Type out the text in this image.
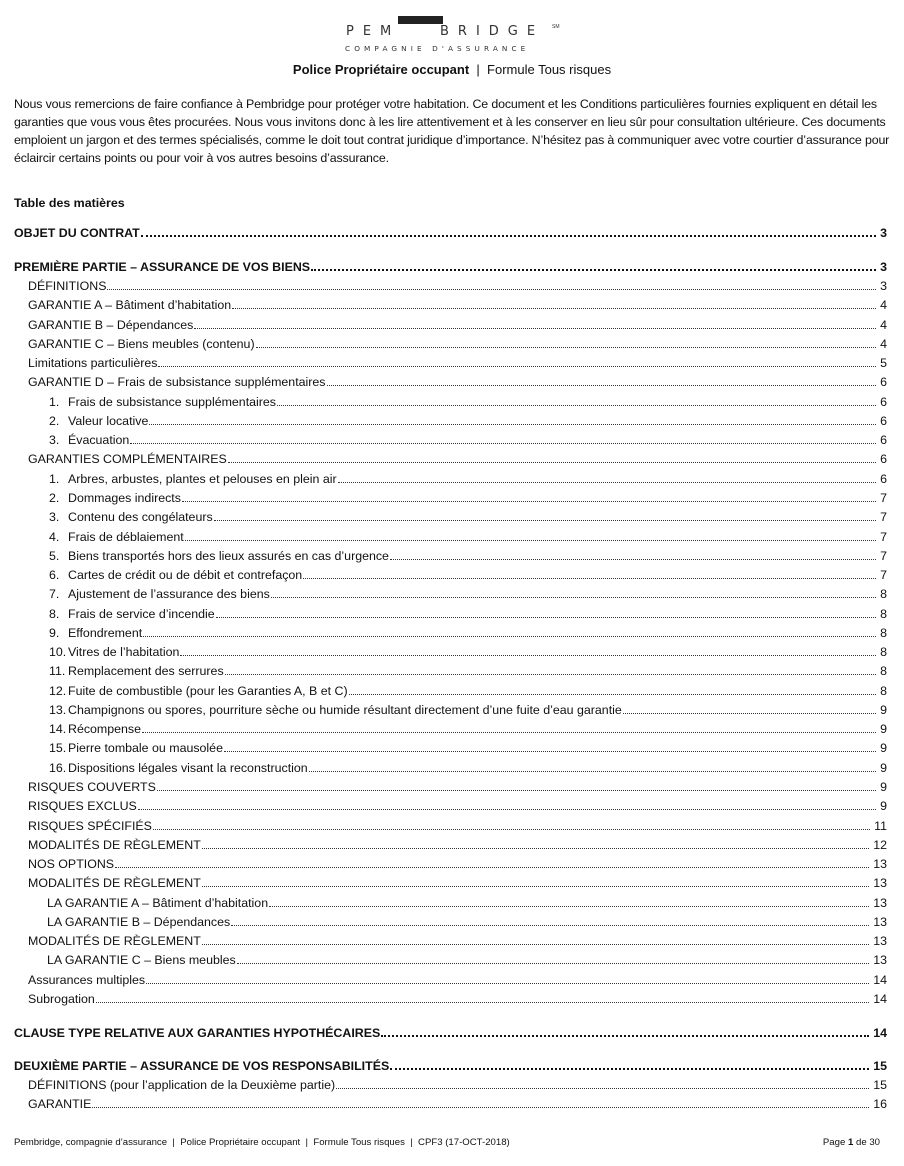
PEM	BRIDGE SM
COMPAGNIE D'ASSURANCE
Police Propriétaire occupant | Formule Tous risques

Nous vous remercions de faire confiance à Pembridge pour protéger votre habitation. Ce document et les Conditions particulières fournies expliquent en détail les garanties que vous vous êtes procurées. Nous vous invitons donc à les lire attentivement et à les conserver en lieu sûr pour consultation ultérieure. Ces documents emploient un jargon et des termes spécialisés, comme le doit tout contrat juridique d’importance. N’hésitez pas à communiquer avec votre courtier d’assurance pour éclaircir certains points ou pour voir à vos autres besoins d’assurance.

Table des matières
OBJET DU CONTRAT	3
PREMIÈRE PARTIE – ASSURANCE DE VOS BIENS	3
DÉFINITIONS	3
GARANTIE A – Bâtiment d’habitation	4
GARANTIE B – Dépendances	4
GARANTIE C – Biens meubles (contenu)	4
Limitations particulières	5
GARANTIE D – Frais de subsistance supplémentaires	6
1. Frais de subsistance supplémentaires	6
2. Valeur locative	6
3. Évacuation	6
GARANTIES COMPLÉMENTAIRES	6
1. Arbres, arbustes, plantes et pelouses en plein air	6
2. Dommages indirects	7
3. Contenu des congélateurs	7
4. Frais de déblaiement	7
5. Biens transportés hors des lieux assurés en cas d’urgence	7
6. Cartes de crédit ou de débit et contrefaçon	7
7. Ajustement de l’assurance des biens	8
8. Frais de service d’incendie	8
9. Effondrement	8
10. Vitres de l’habitation	8
11. Remplacement des serrures	8
12. Fuite de combustible (pour les Garanties A, B et C)	8
13. Champignons ou spores, pourriture sèche ou humide résultant directement d’une fuite d’eau garantie	9
14. Récompense	9
15. Pierre tombale ou mausolée	9
16. Dispositions légales visant la reconstruction	9
RISQUES COUVERTS	9
RISQUES EXCLUS	9
RISQUES SPÉCIFIÉS	11
MODALITÉS DE RÈGLEMENT	12
NOS OPTIONS	13
MODALITÉS DE RÈGLEMENT	13
LA GARANTIE A – Bâtiment d’habitation	13
LA GARANTIE B – Dépendances	13
MODALITÉS DE RÈGLEMENT	13
LA GARANTIE C – Biens meubles	13
Assurances multiples	14
Subrogation	14
CLAUSE TYPE RELATIVE AUX GARANTIES HYPOTHÉCAIRES	14
DEUXIÈME PARTIE – ASSURANCE DE VOS RESPONSABILITÉS	15
DÉFINITIONS (pour l’application de la Deuxième partie)	15
GARANTIE	16
Pembridge, compagnie d’assurance  |  Police Propriétaire occupant  |  Formule Tous risques  |  CPF3 (17-OCT-2018)	Page 1 de 30
